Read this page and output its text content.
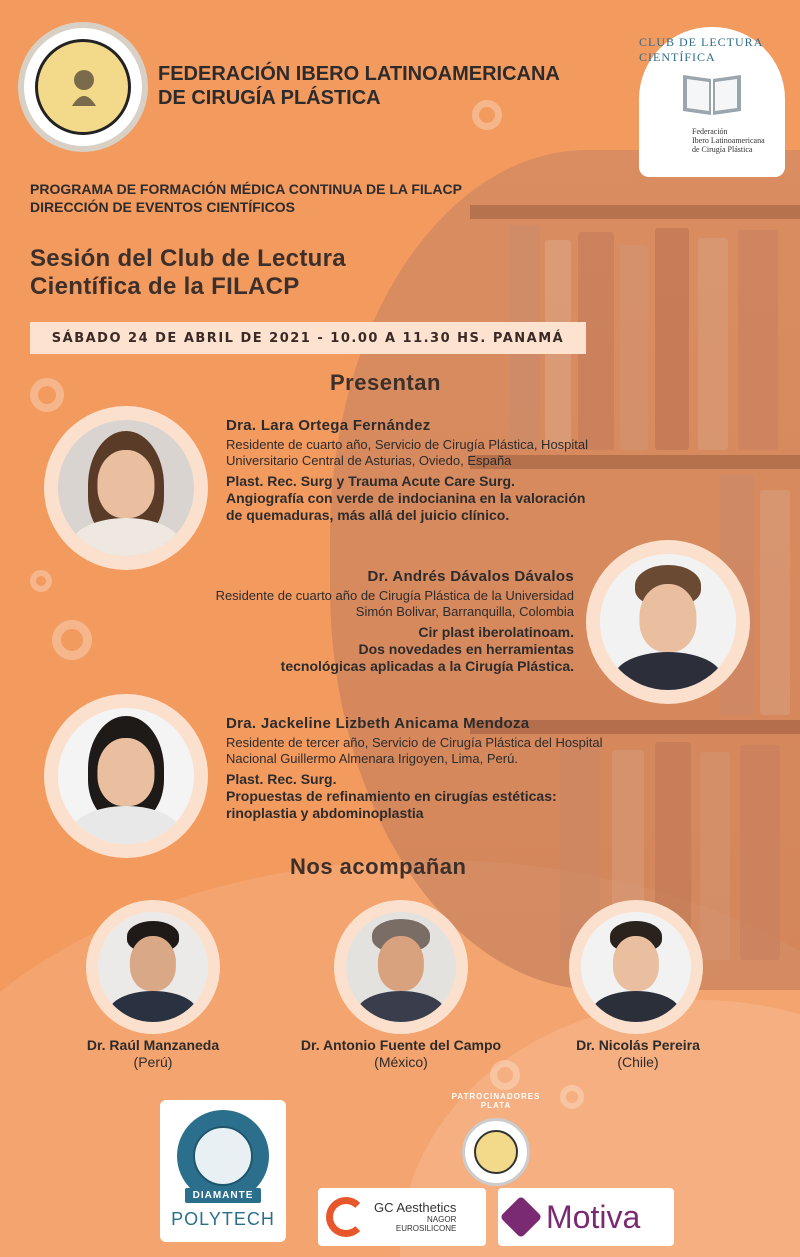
FEDERACIÓN IBERO LATINOAMERICANA
DE CIRUGÍA PLÁSTICA
CLUB DE LECTURA CIENTÍFICA
Federación
Ibero Latinoamericana
de Cirugía Plástica
PROGRAMA DE FORMACIÓN MÉDICA CONTINUA DE LA FILACP
DIRECCIÓN DE EVENTOS CIENTÍFICOS
Sesión del Club de Lectura
Científica de la FILACP
SÁBADO 24 DE ABRIL DE 2021 - 10.00 A 11.30 HS. PANAMÁ
Presentan
Dra. Lara Ortega Fernández
Residente de cuarto año, Servicio de Cirugía Plástica, Hospital
Universitario Central de Asturias, Oviedo, España
Plast. Rec. Surg y Trauma Acute Care Surg.
Angiografía con verde de indocianina en la valoración
de quemaduras, más allá del juicio clínico.
Dr. Andrés Dávalos Dávalos
Residente de cuarto año de Cirugía Plástica de la Universidad
Simón Bolivar, Barranquilla, Colombia
Cir plast iberolatinoam.
Dos novedades en herramientas
tecnológicas aplicadas a la Cirugía Plástica.
Dra. Jackeline Lizbeth Anicama Mendoza
Residente de tercer año, Servicio de Cirugía Plástica del Hospital
Nacional Guillermo Almenara Irigoyen, Lima, Perú.
Plast. Rec. Surg.
Propuestas de refinamiento en cirugías estéticas:
rinoplastia y abdominoplastia
Nos acompañan
Dr. Raúl Manzaneda
(Perú)
Dr. Antonio Fuente del Campo
(México)
Dr. Nicolás Pereira
(Chile)
DIAMANTE
POLYTECH
PATROCINADORES PLATA
GC Aesthetics
NAGOR
EUROSILICONE	Motiva
